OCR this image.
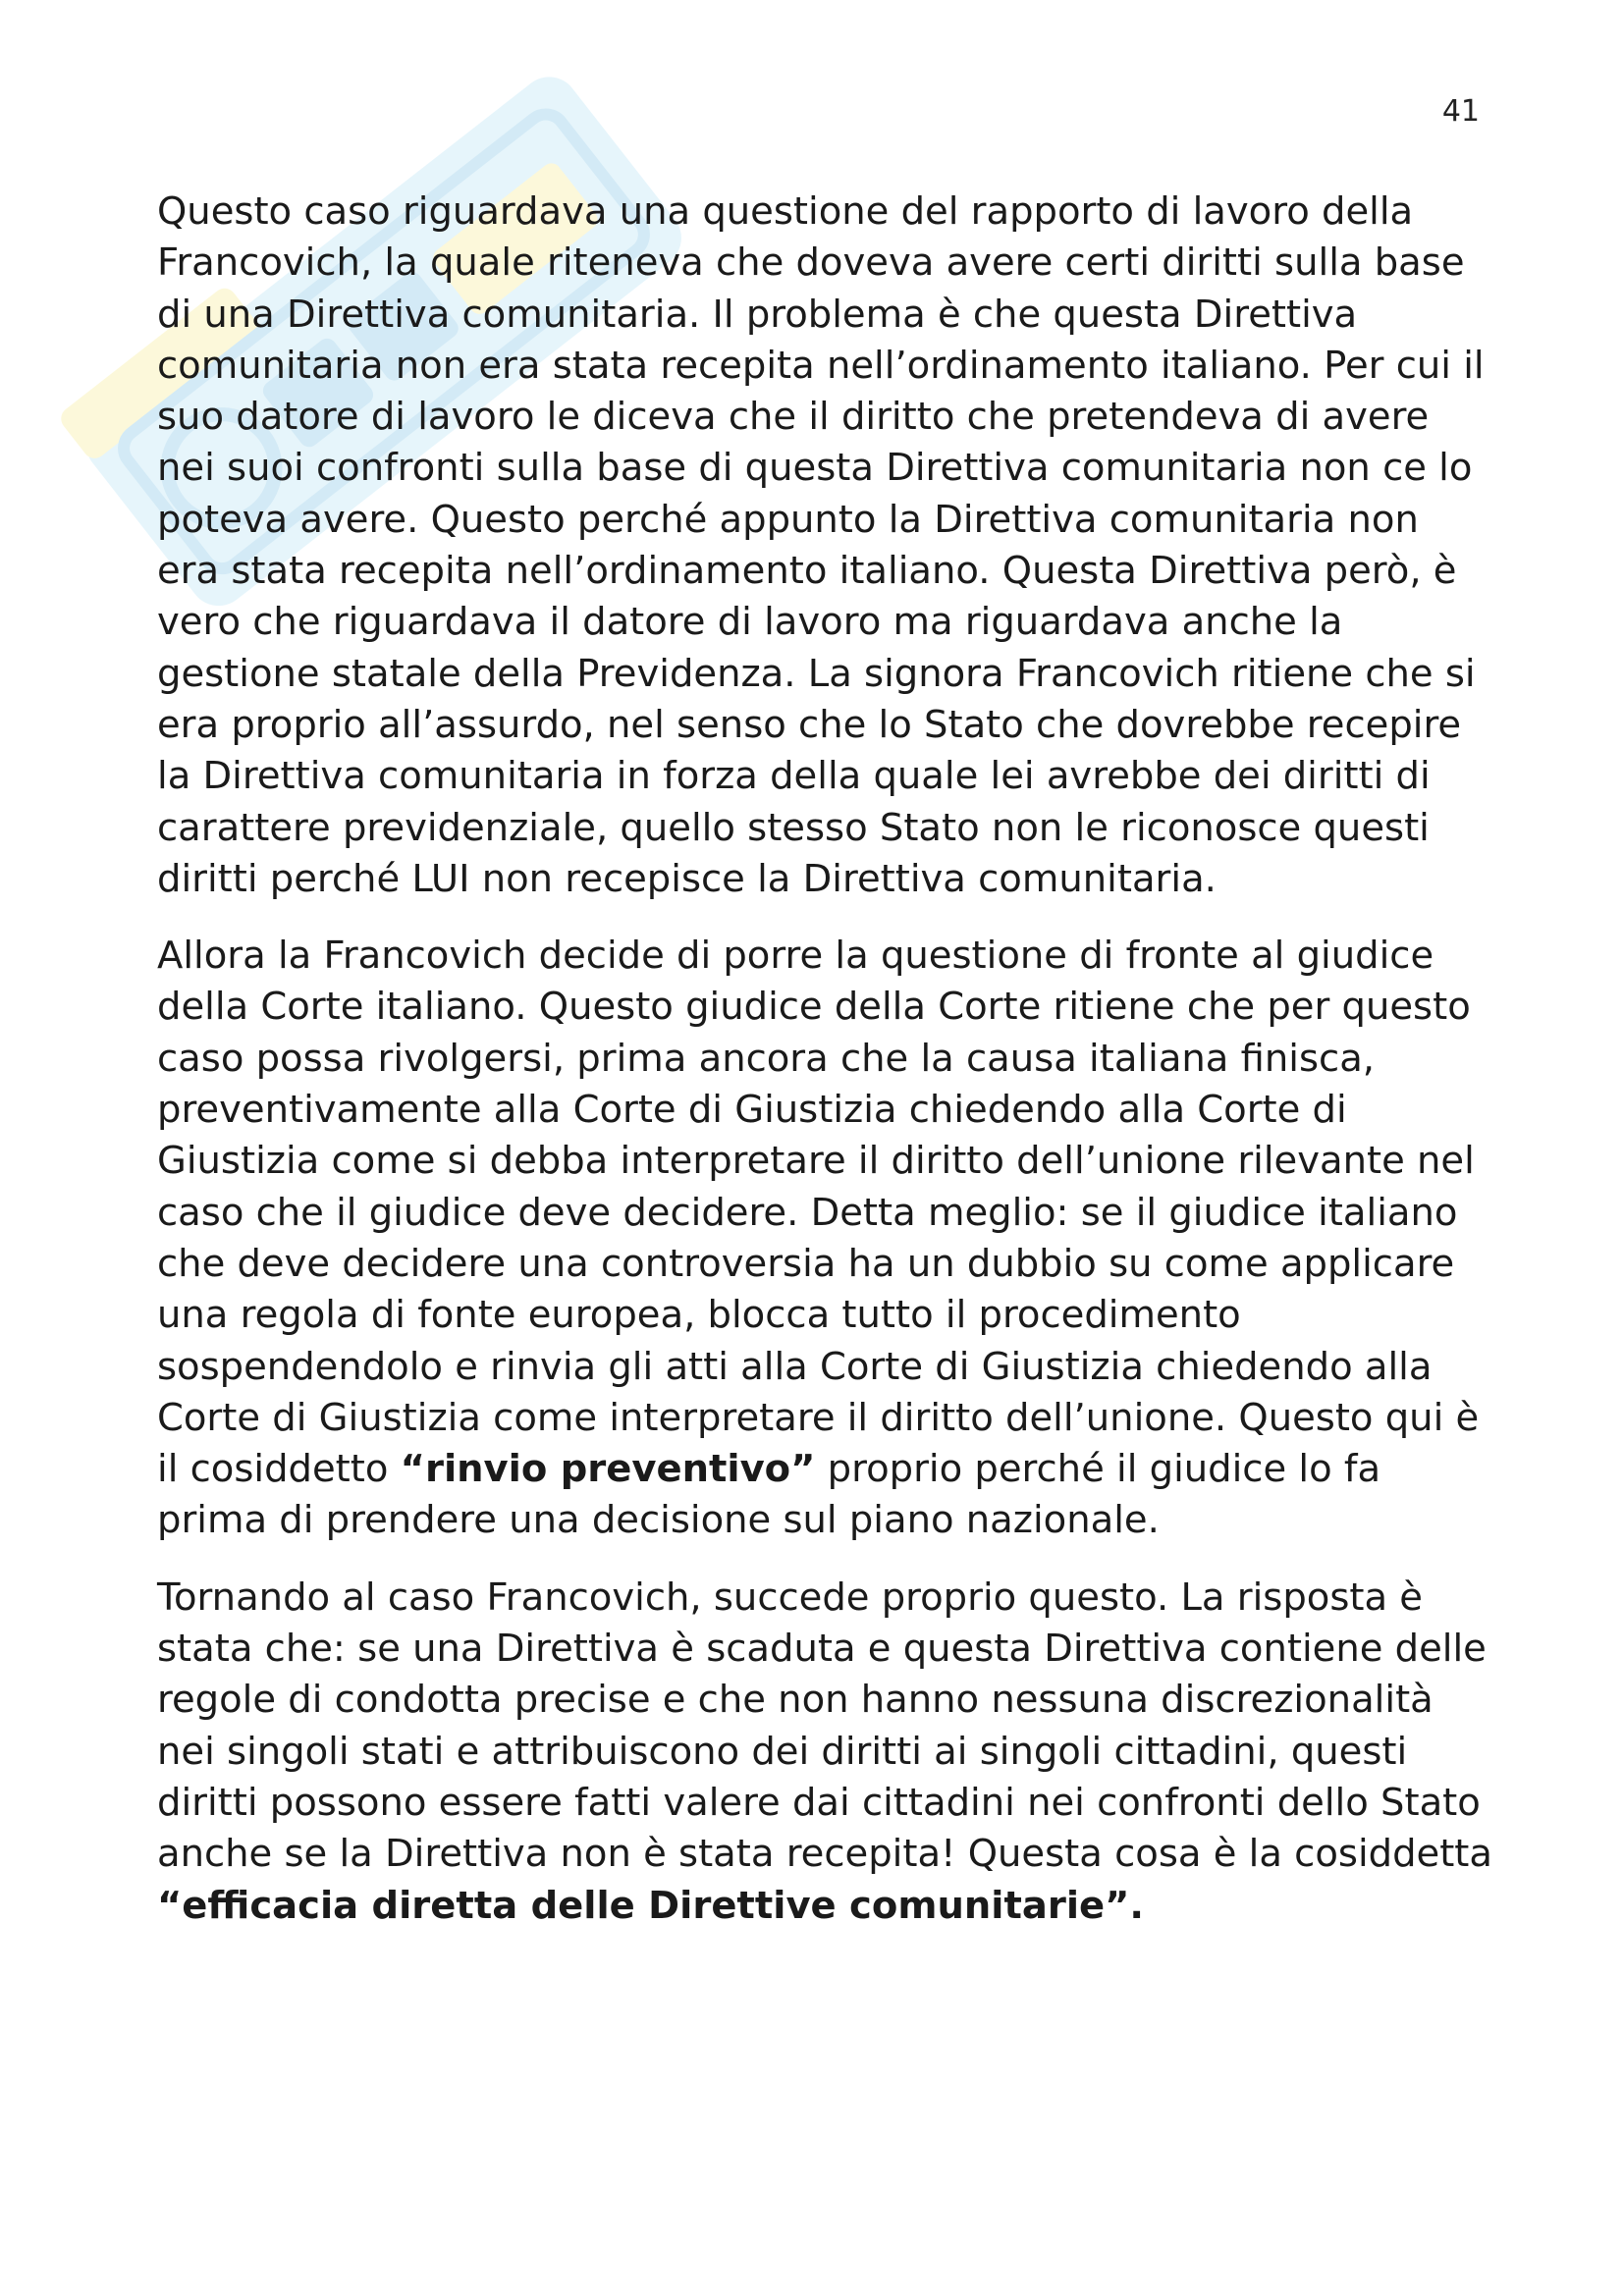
41

Questo caso riguardava una questione del rapporto di lavoro della Francovich, la quale riteneva che doveva avere certi diritti sulla base di una Direttiva comunitaria. Il problema è che questa Direttiva comunitaria non era stata recepita nell’ordinamento italiano. Per cui il suo datore di lavoro le diceva che il diritto che pretendeva di avere nei suoi confronti sulla base di questa Direttiva comunitaria non ce lo poteva avere. Questo perché appunto la Direttiva comunitaria non era stata recepita nell’ordinamento italiano. Questa Direttiva però, è vero che riguardava il datore di lavoro ma riguardava anche la gestione statale della Previdenza. La signora Francovich ritiene che si era proprio all’assurdo, nel senso che lo Stato che dovrebbe recepire la Direttiva comunitaria in forza della quale lei avrebbe dei diritti di carattere previdenziale, quello stesso Stato non le riconosce questi diritti perché LUI non recepisce la Direttiva comunitaria.

Allora la Francovich decide di porre la questione di fronte al giudice della Corte italiano. Questo giudice della Corte ritiene che per questo caso possa rivolgersi, prima ancora che la causa italiana finisca, preventivamente alla Corte di Giustizia chiedendo alla Corte di Giustizia come si debba interpretare il diritto dell’unione rilevante nel caso che il giudice deve decidere. Detta meglio: se il giudice italiano che deve decidere una controversia ha un dubbio su come applicare una regola di fonte europea, blocca tutto il procedimento sospendendolo e rinvia gli atti alla Corte di Giustizia chiedendo alla Corte di Giustizia come interpretare il diritto dell’unione. Questo qui è il cosiddetto “rinvio preventivo” proprio perché il giudice lo fa prima di prendere una decisione sul piano nazionale.

Tornando al caso Francovich, succede proprio questo. La risposta è stata che: se una Direttiva è scaduta e questa Direttiva contiene delle regole di condotta precise e che non hanno nessuna discrezionalità nei singoli stati e attribuiscono dei diritti ai singoli cittadini, questi diritti possono essere fatti valere dai cittadini nei confronti dello Stato anche se la Direttiva non è stata recepita! Questa cosa è la cosiddetta “efficacia diretta delle Direttive comunitarie”.
